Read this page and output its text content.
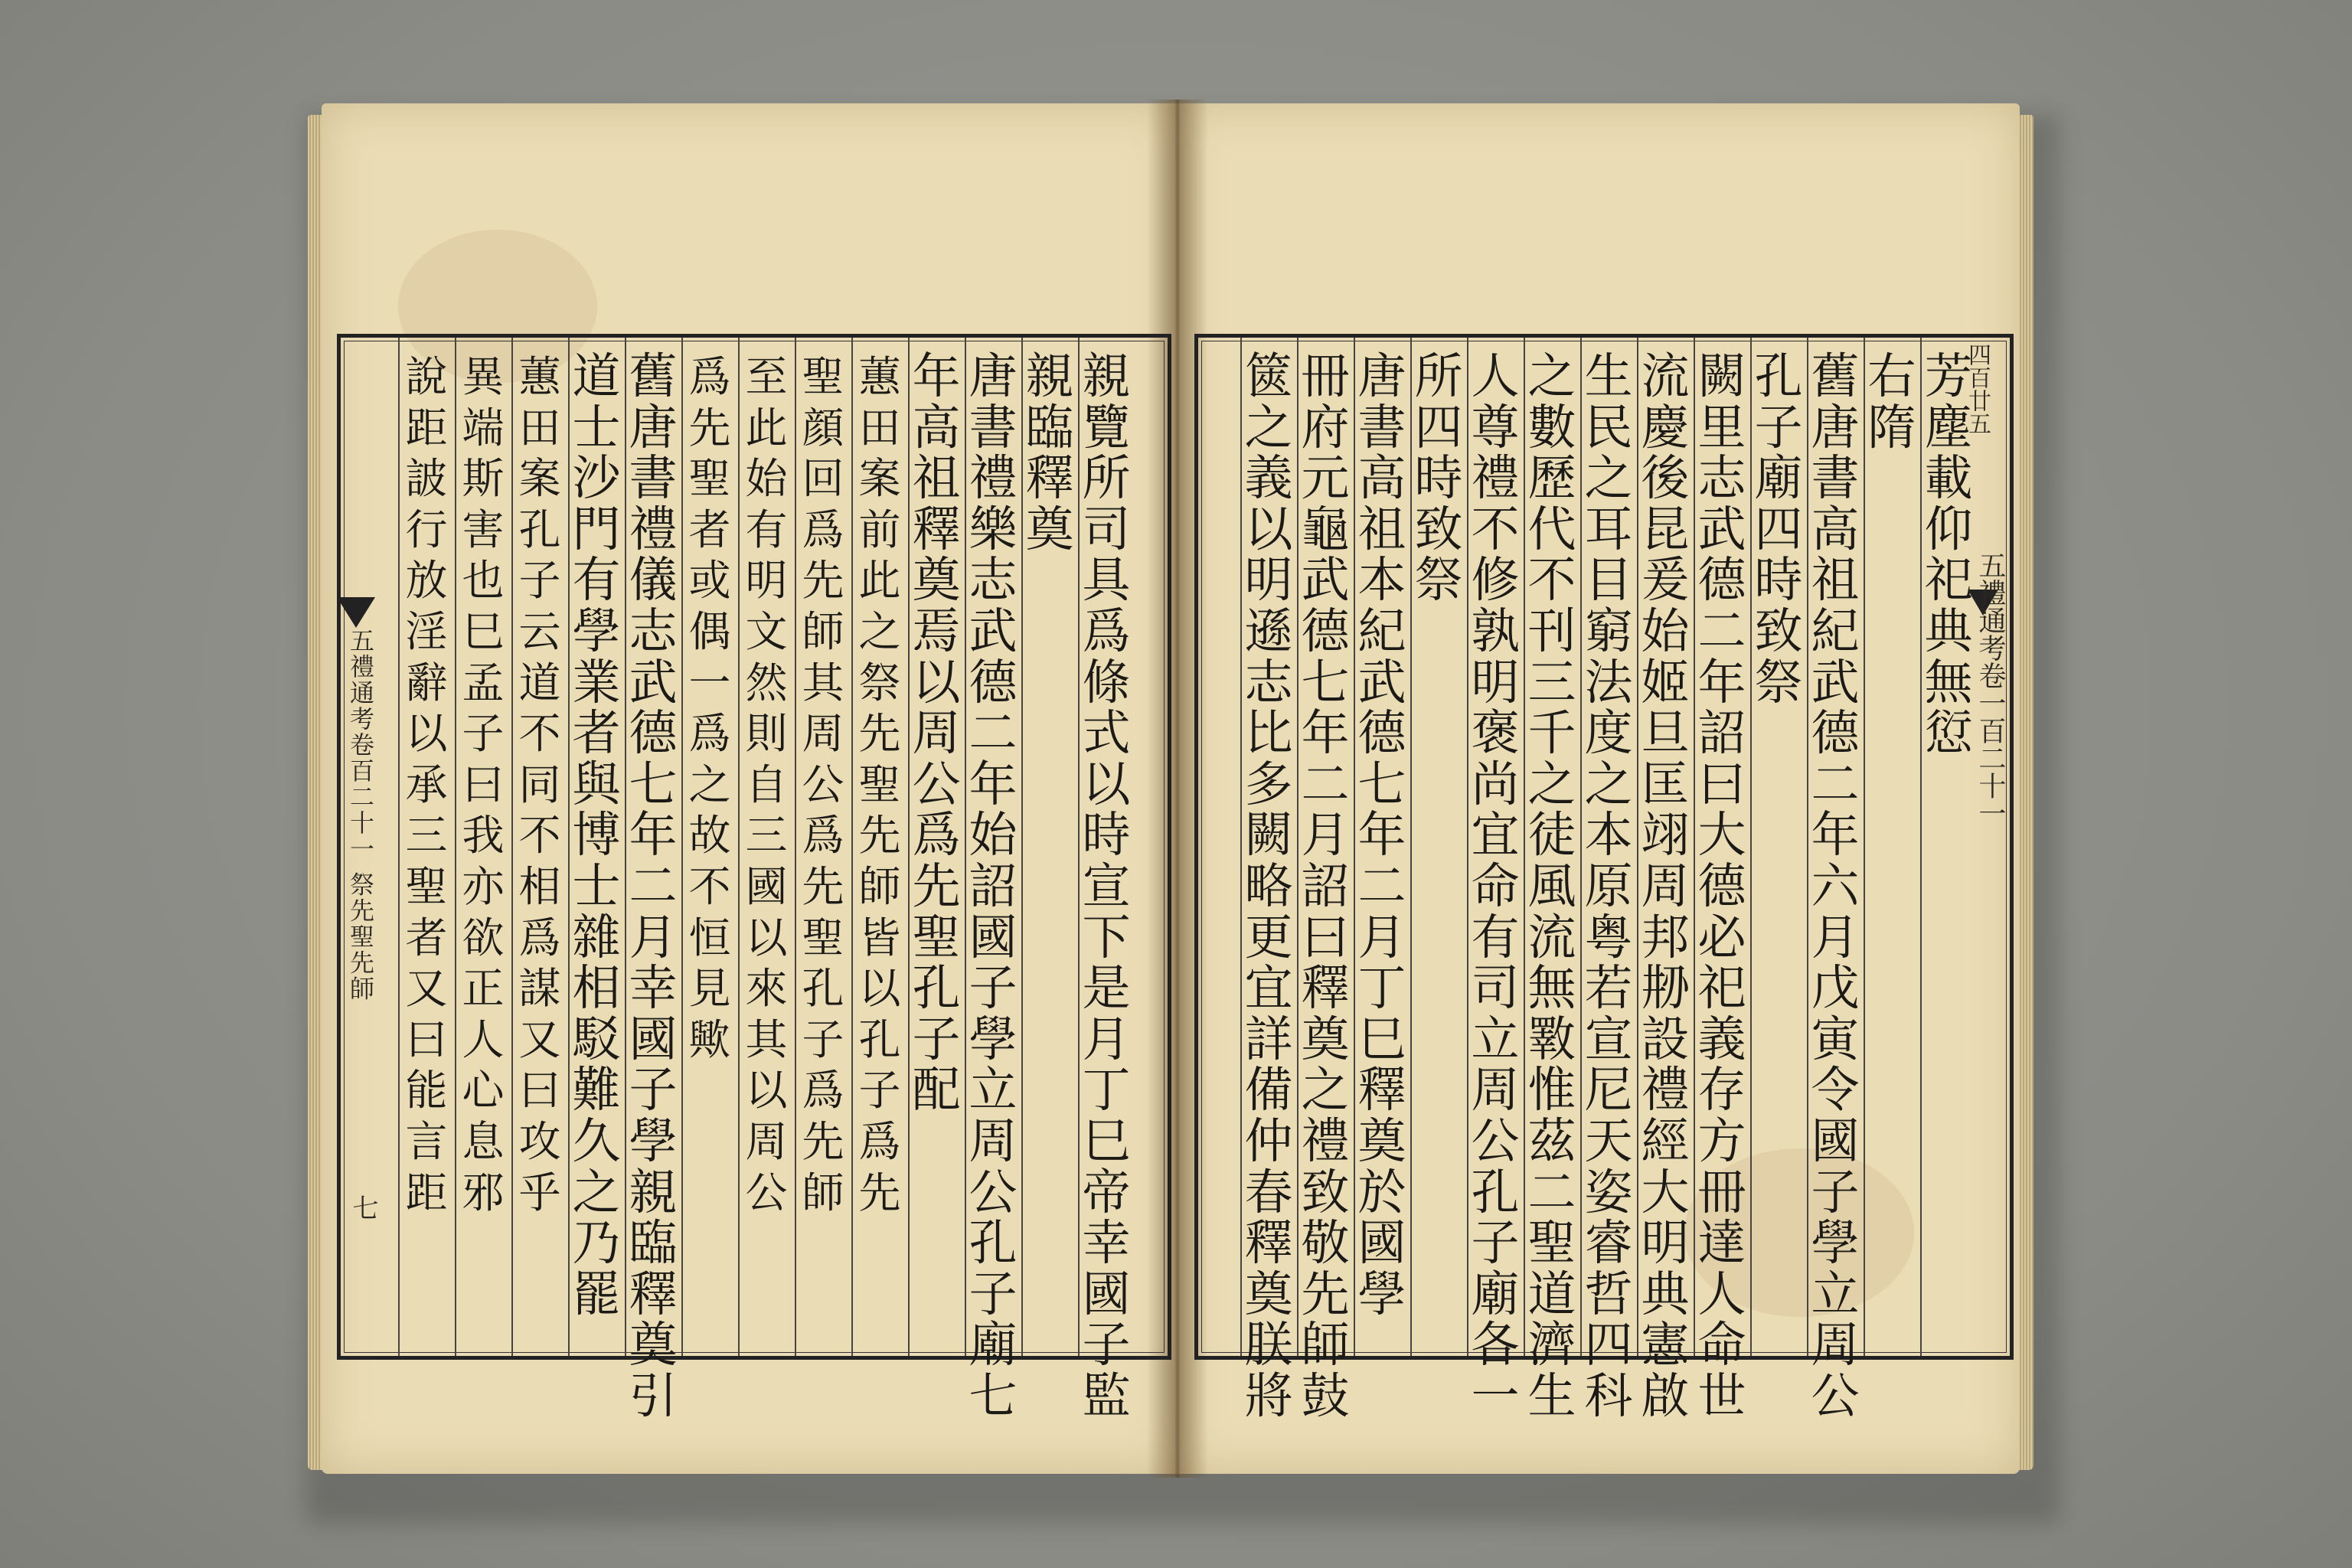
親
覽
所
司
具
爲
條
式
以
時
宣
下
是
月
丁
巳
帝
幸
國
子
監
親
臨
釋
奠
唐
書
禮
樂
志
武
德
二
年
始
詔
國
子
學
立
周
公
孔
子
廟
七
年
高
祖
釋
奠
焉
以
周
公
爲
先
聖
孔
子
配
蕙
田
案
前
此
之
祭
先
聖
先
師
皆
以
孔
子
爲
先
聖
顔
回
爲
先
師
其
周
公
爲
先
聖
孔
子
爲
先
師
至
此
始
有
明
文
然
則
自
三
國
以
來
其
以
周
公
爲
先
聖
者
或
偶
一
爲
之
故
不
恒
見
歟
舊
唐
書
禮
儀
志
武
德
七
年
二
月
幸
國
子
學
親
臨
釋
奠
引
道
士
沙
門
有
學
業
者
與
博
士
雜
相
駁
難
久
之
乃
罷
蕙
田
案
孔
子
云
道
不
同
不
相
爲
謀
又
曰
攻
乎
異
端
斯
害
也
巳
孟
子
曰
我
亦
欲
正
人
心
息
邪
說
距
詖
行
放
淫
辭
以
承
三
聖
者
又
曰
能
言
距
芳
塵
載
仰
祀
典
無
愆
右
隋
舊
唐
書
高
祖
紀
武
德
二
年
六
月
戊
寅
令
國
子
學
立
周
公
孔
子
廟
四
時
致
祭
闕
里
志
武
德
二
年
詔
曰
大
德
必
祀
義
存
方
冊
達
人
命
世
流
慶
後
昆
爰
始
姬
旦
匡
翊
周
邦
刱
設
禮
經
大
明
典
憲
啟
生
民
之
耳
目
窮
法
度
之
本
原
粤
若
宣
尼
天
姿
睿
哲
四
科
之
數
歷
代
不
刊
三
千
之
徒
風
流
無
斁
惟
茲
二
聖
道
濟
生
人
尊
禮
不
修
孰
明
褒
尚
宜
命
有
司
立
周
公
孔
子
廟
各
一
所
四
時
致
祭
唐
書
高
祖
本
紀
武
德
七
年
二
月
丁
巳
釋
奠
於
國
學
冊
府
元
龜
武
德
七
年
二
月
詔
曰
釋
奠
之
禮
致
敬
先
師
鼓
篋
之
義
以
明
遜
志
比
多
闕
略
更
宜
詳
備
仲
春
釋
奠
朕
將
五禮通考卷百二十一 祭先聖先師
七
四百廿五
五禮通考卷一百二十一
